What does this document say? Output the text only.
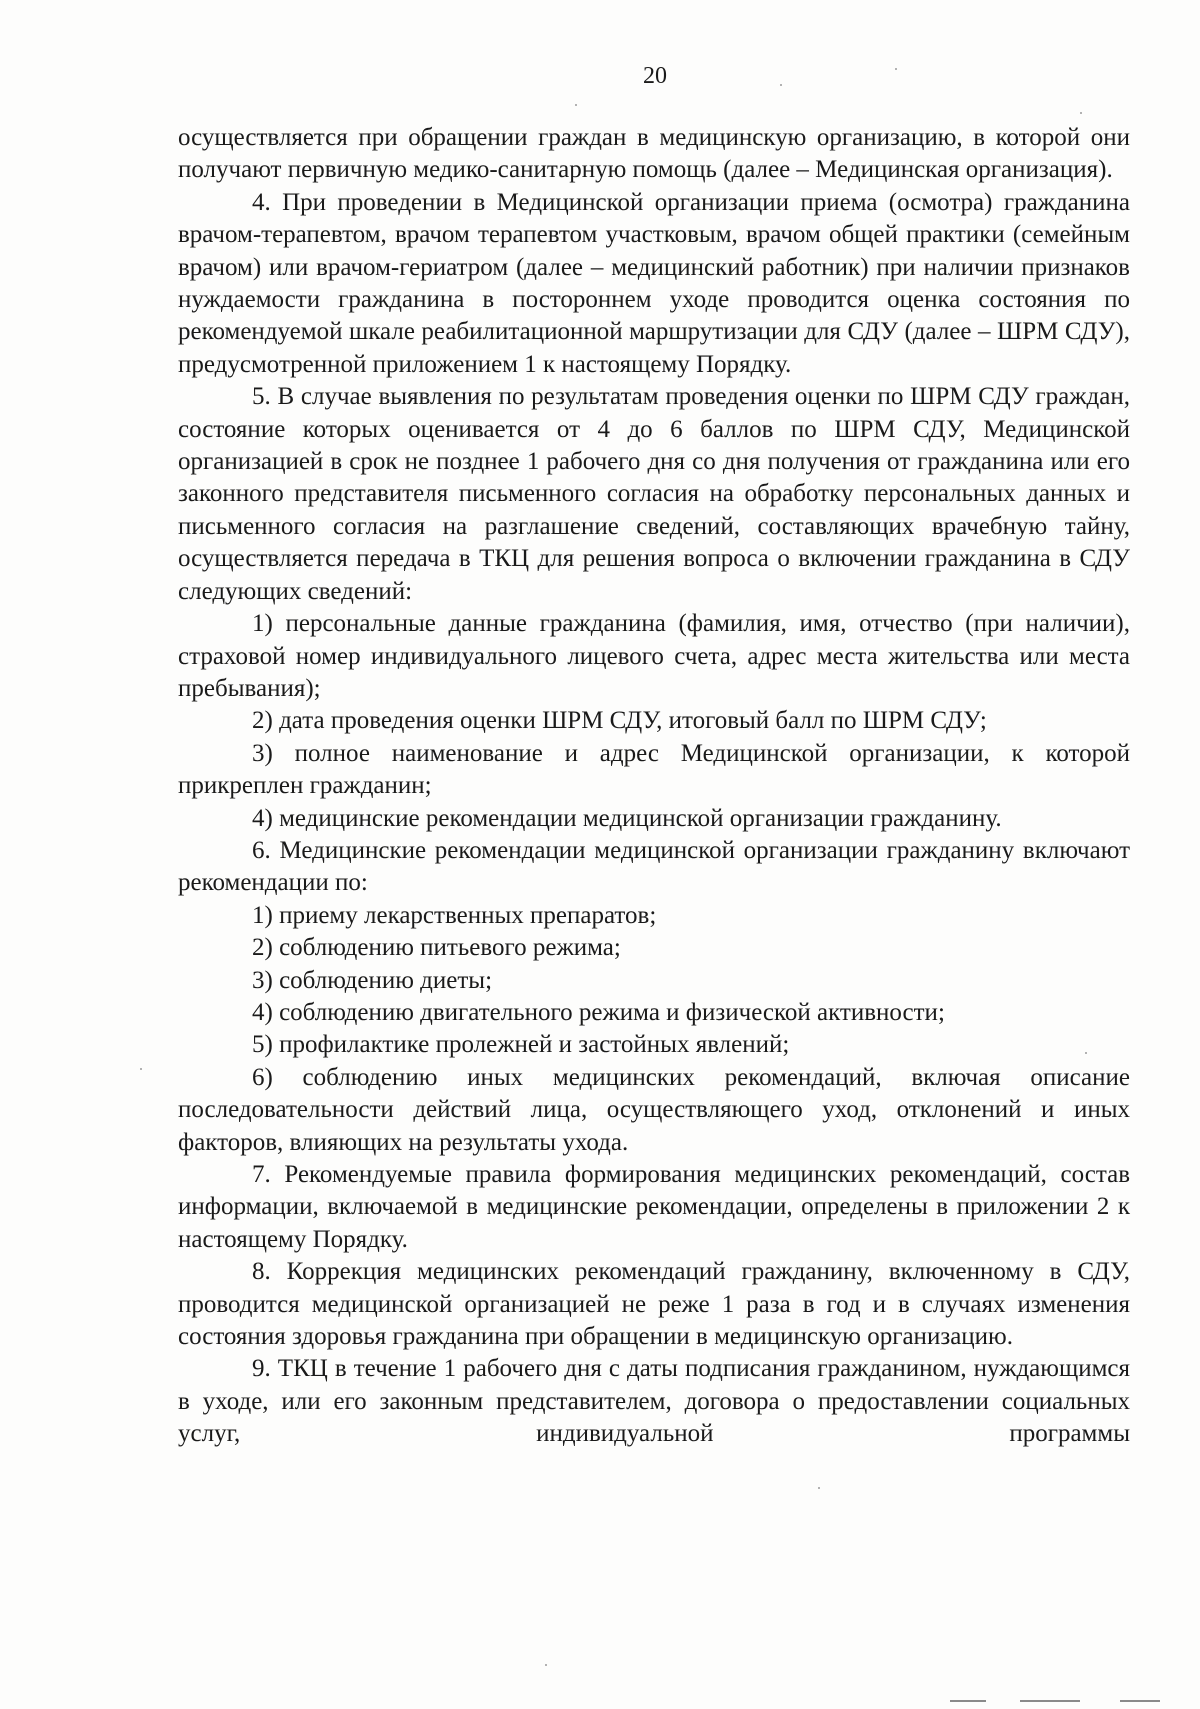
20

осуществляется при обращении граждан в медицинскую организацию, в которой они получают первичную медико-санитарную помощь (далее – Медицинская организация).

4. При проведении в Медицинской организации приема (осмотра) гражданина врачом-терапевтом, врачом терапевтом участковым, врачом общей практики (семейным врачом) или врачом-гериатром (далее – медицинский работник) при наличии признаков нуждаемости гражданина в постороннем уходе проводится оценка состояния по рекомендуемой шкале реабилитационной маршрутизации для СДУ (далее – ШРМ СДУ), предусмотренной приложением 1 к настоящему Порядку.

5. В случае выявления по результатам проведения оценки по ШРМ СДУ граждан, состояние которых оценивается от 4 до 6 баллов по ШРМ СДУ, Медицинской организацией в срок не позднее 1 рабочего дня со дня получения от гражданина или его законного представителя письменного согласия на обработку персональных данных и письменного согласия на разглашение сведений, составляющих врачебную тайну, осуществляется передача в ТКЦ для решения вопроса о включении гражданина в СДУ следующих сведений:

1) персональные данные гражданина (фамилия, имя, отчество (при наличии), страховой номер индивидуального лицевого счета, адрес места жительства или места пребывания);

2) дата проведения оценки ШРМ СДУ, итоговый балл по ШРМ СДУ;

3) полное наименование и адрес Медицинской организации, к которой прикреплен гражданин;

4) медицинские рекомендации медицинской организации гражданину.

6. Медицинские рекомендации медицинской организации гражданину включают рекомендации по:

1) приему лекарственных препаратов;

2) соблюдению питьевого режима;

3) соблюдению диеты;

4) соблюдению двигательного режима и физической активности;

5) профилактике пролежней и застойных явлений;

6) соблюдению иных медицинских рекомендаций, включая описание последовательности действий лица, осуществляющего уход, отклонений и иных факторов, влияющих на результаты ухода.

7. Рекомендуемые правила формирования медицинских рекомендаций, состав информации, включаемой в медицинские рекомендации, определены в приложении 2 к настоящему Порядку.

8. Коррекция медицинских рекомендаций гражданину, включенному в СДУ, проводится медицинской организацией не реже 1 раза в год и в случаях изменения состояния здоровья гражданина при обращении в медицинскую организацию.

9. ТКЦ в течение 1 рабочего дня с даты подписания гражданином, нуждающимся в уходе, или его законным представителем, договора о предоставлении социальных услуг, индивидуальной программы
